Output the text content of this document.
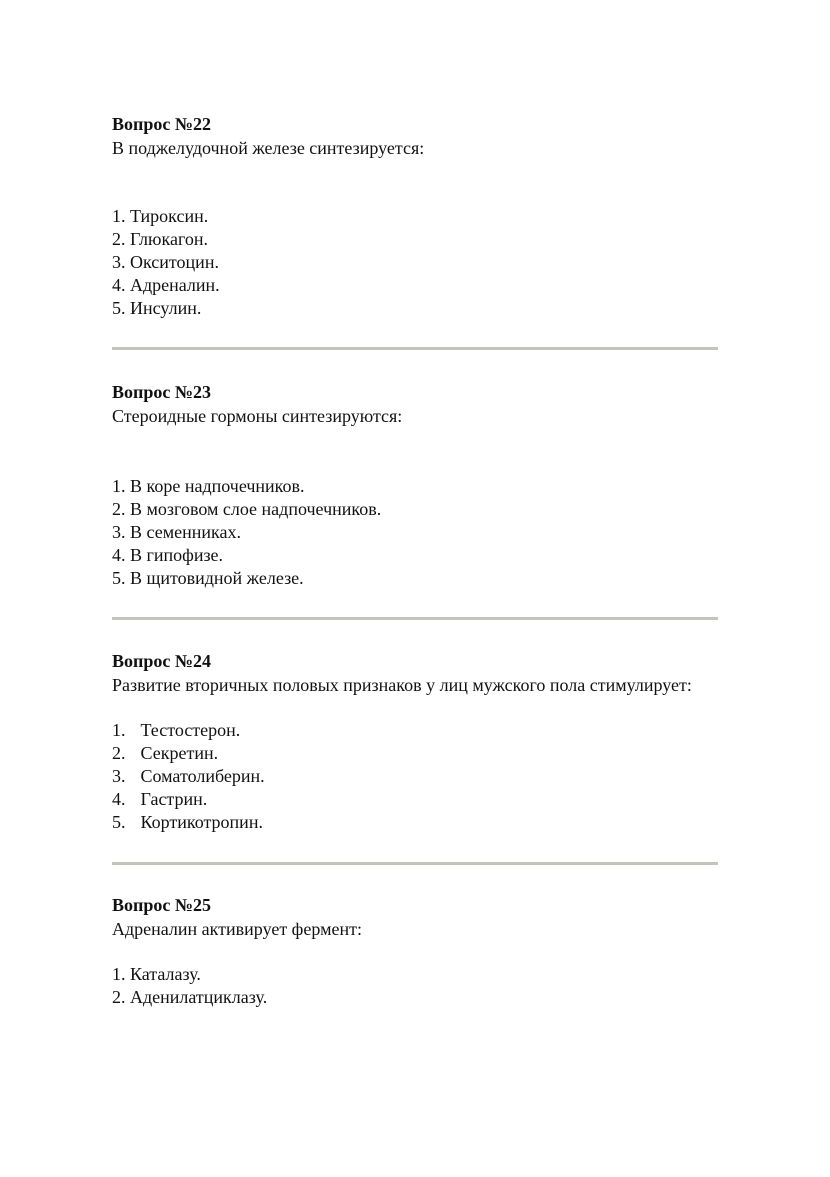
Вопрос №22

В поджелудочной железе синтезируется:

1. Тироксин.
2. Глюкагон.
3. Окситоцин.
4. Адреналин.
5. Инсулин.

Вопрос №23

Стероидные гормоны синтезируются:

1. В коре надпочечников.
2. В мозговом слое надпочечников.
3. В семенниках.
4. В гипофизе.
5. В щитовидной железе.

Вопрос №24

Развитие вторичных половых признаков у лиц мужского пола стимулирует:

1. Тестостерон.
2. Секретин.
3. Соматолиберин.
4. Гастрин.
5. Кортикотропин.

Вопрос №25

Адреналин активирует фермент:

1. Каталазу.
2. Аденилатциклазу.
